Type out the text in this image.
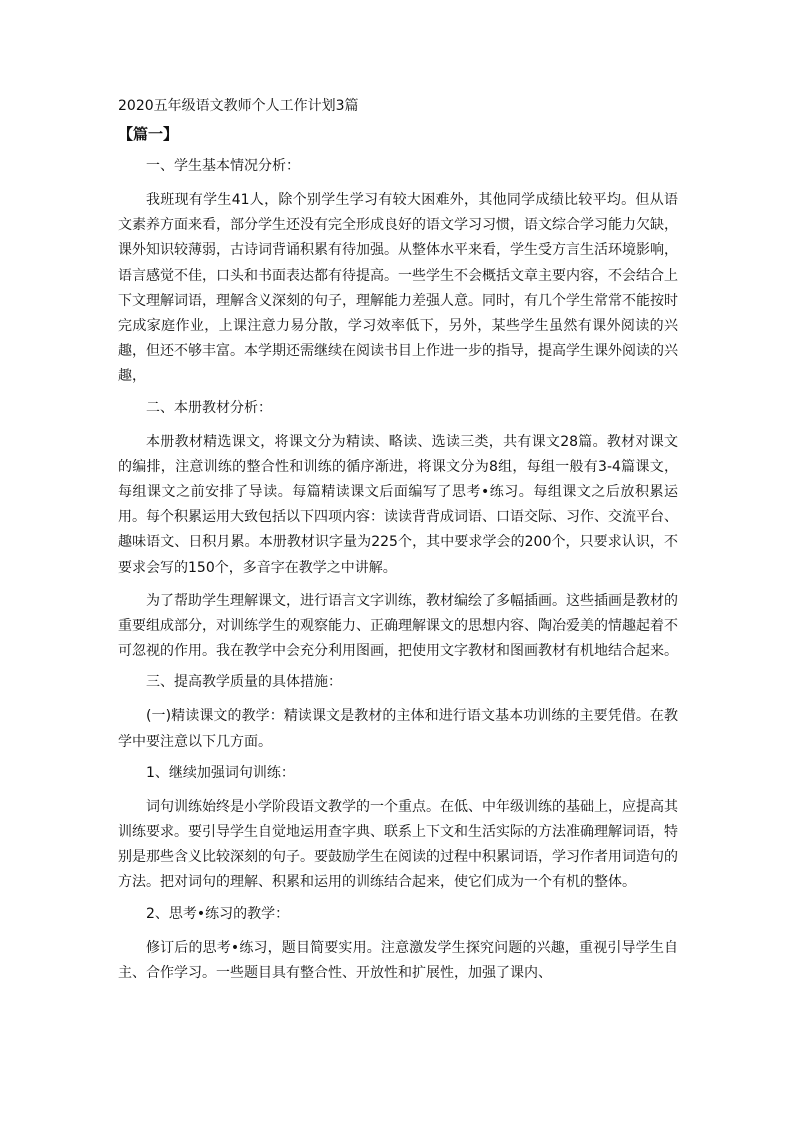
2020五年级语文教师个人工作计划3篇
【篇一】
一、学生基本情况分析：
我班现有学生41人，除个别学生学习有较大困难外，其他同学成绩比较平均。但从语文素养方面来看，部分学生还没有完全形成良好的语文学习习惯，语文综合学习能力欠缺，课外知识较薄弱，古诗词背诵积累有待加强。从整体水平来看，学生受方言生活环境影响，语言感觉不佳，口头和书面表达都有待提高。一些学生不会概括文章主要内容，不会结合上下文理解词语，理解含义深刻的句子，理解能力差强人意。同时，有几个学生常常不能按时完成家庭作业，上课注意力易分散，学习效率低下，另外，某些学生虽然有课外阅读的兴趣，但还不够丰富。本学期还需继续在阅读书目上作进一步的指导，提高学生课外阅读的兴趣，
二、本册教材分析：
本册教材精选课文，将课文分为精读、略读、选读三类，共有课文28篇。教材对课文的编排，注意训练的整合性和训练的循序渐进，将课文分为8组，每组一般有3-4篇课文，每组课文之前安排了导读。每篇精读课文后面编写了思考•练习。每组课文之后放积累运用。每个积累运用大致包括以下四项内容：读读背背成词语、口语交际、习作、交流平台、趣味语文、日积月累。本册教材识字量为225个，其中要求学会的200个，只要求认识，不要求会写的150个，多音字在教学之中讲解。
为了帮助学生理解课文，进行语言文字训练，教材编绘了多幅插画。这些插画是教材的重要组成部分，对训练学生的观察能力、正确理解课文的思想内容、陶冶爱美的情趣起着不可忽视的作用。我在教学中会充分利用图画，把使用文字教材和图画教材有机地结合起来。
三、提高教学质量的具体措施：
(一)精读课文的教学：精读课文是教材的主体和进行语文基本功训练的主要凭借。在教学中要注意以下几方面。
1、继续加强词句训练：
词句训练始终是小学阶段语文教学的一个重点。在低、中年级训练的基础上，应提高其训练要求。要引导学生自觉地运用查字典、联系上下文和生活实际的方法准确理解词语，特别是那些含义比较深刻的句子。要鼓励学生在阅读的过程中积累词语，学习作者用词造句的方法。把对词句的理解、积累和运用的训练结合起来，使它们成为一个有机的整体。
2、思考•练习的教学：
修订后的思考•练习，题目简要实用。注意激发学生探究问题的兴趣，重视引导学生自主、合作学习。一些题目具有整合性、开放性和扩展性，加强了课内、
